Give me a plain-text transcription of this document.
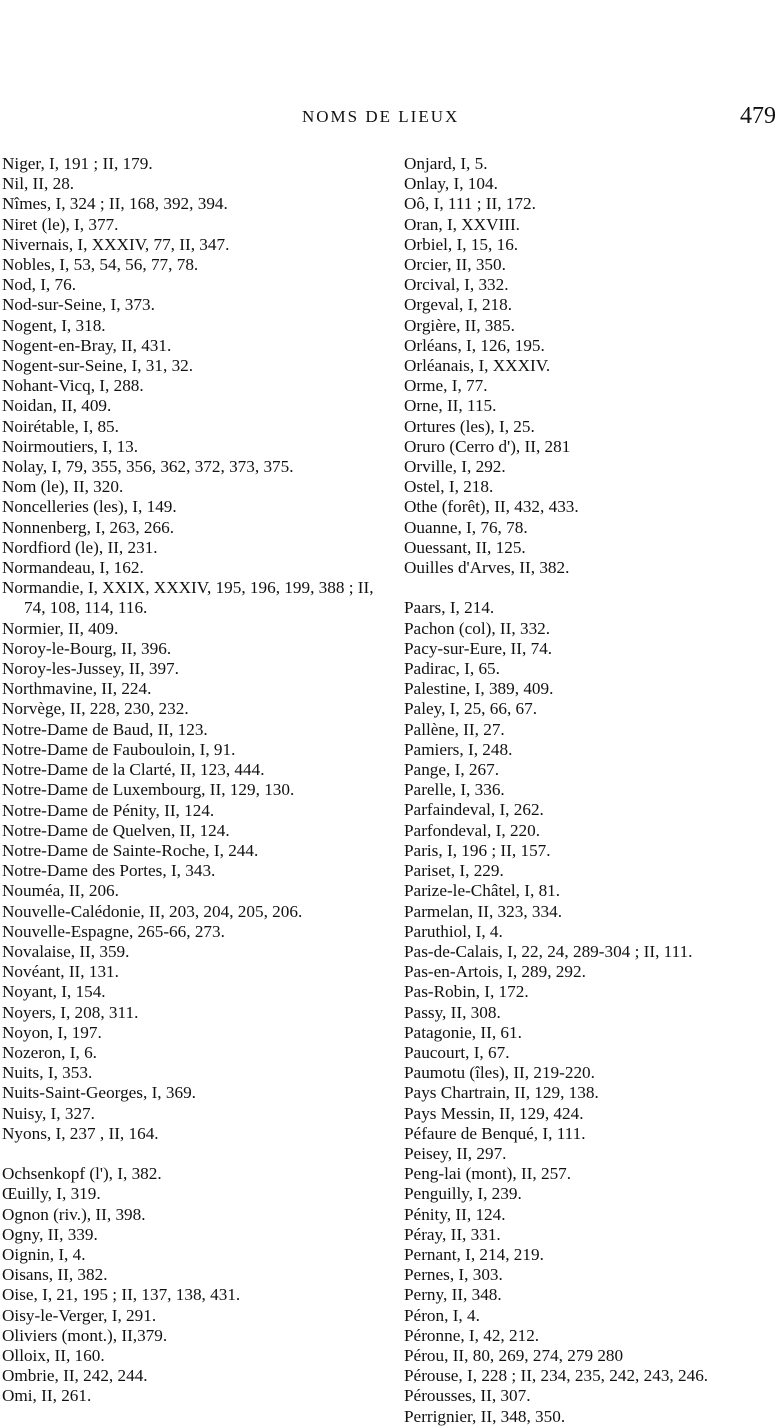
NOMS DE LIEUX	479
Niger, I, 191 ; II, 179.
Nil, II, 28.
Nîmes, I, 324 ; II, 168, 392, 394.
Niret (le), I, 377.
Nivernais, I, XXXIV, 77, II, 347.
Nobles, I, 53, 54, 56, 77, 78.
Nod, I, 76.
Nod-sur-Seine, I, 373.
Nogent, I, 318.
Nogent-en-Bray, II, 431.
Nogent-sur-Seine, I, 31, 32.
Nohant-Vicq, I, 288.
Noidan, II, 409.
Noirétable, I, 85.
Noirmoutiers, I, 13.
Nolay, I, 79, 355, 356, 362, 372, 373, 375.
Nom (le), II, 320.
Noncelleries (les), I, 149.
Nonnenberg, I, 263, 266.
Nordfiord (le), II, 231.
Normandeau, I, 162.
Normandie, I, XXIX, XXXIV, 195, 196, 199, 388 ; II, 74, 108, 114, 116.
Normier, II, 409.
Noroy-le-Bourg, II, 396.
Noroy-les-Jussey, II, 397.
Northmavine, II, 224.
Norvège, II, 228, 230, 232.
Notre-Dame de Baud, II, 123.
Notre-Dame de Faubouloin, I, 91.
Notre-Dame de la Clarté, II, 123, 444.
Notre-Dame de Luxembourg, II, 129, 130.
Notre-Dame de Pénity, II, 124.
Notre-Dame de Quelven, II, 124.
Notre-Dame de Sainte-Roche, I, 244.
Notre-Dame des Portes, I, 343.
Nouméa, II, 206.
Nouvelle-Calédonie, II, 203, 204, 205, 206.
Nouvelle-Espagne, 265-66, 273.
Novalaise, II, 359.
Novéant, II, 131.
Noyant, I, 154.
Noyers, I, 208, 311.
Noyon, I, 197.
Nozeron, I, 6.
Nuits, I, 353.
Nuits-Saint-Georges, I, 369.
Nuisy, I, 327.
Nyons, I, 237 , II, 164.
Ochsenkopf (l'), I, 382.
Œuilly, I, 319.
Ognon (riv.), II, 398.
Ogny, II, 339.
Oignin, I, 4.
Oisans, II, 382.
Oise, I, 21, 195 ; II, 137, 138, 431.
Oisy-le-Verger, I, 291.
Oliviers (mont.), II,379.
Olloix, II, 160.
Ombrie, II, 242, 244.
Omi, II, 261.
Onjard, I, 5.
Onlay, I, 104.
Oô, I, 111 ; II, 172.
Oran, I, XXVIII.
Orbiel, I, 15, 16.
Orcier, II, 350.
Orcival, I, 332.
Orgeval, I, 218.
Orgière, II, 385.
Orléans, I, 126, 195.
Orléanais, I, XXXIV.
Orme, I, 77.
Orne, II, 115.
Ortures (les), I, 25.
Oruro (Cerro d'), II, 281
Orville, I, 292.
Ostel, I, 218.
Othe (forêt), II, 432, 433.
Ouanne, I, 76, 78.
Ouessant, II, 125.
Ouilles d'Arves, II, 382.
Paars, I, 214.
Pachon (col), II, 332.
Pacy-sur-Eure, II, 74.
Padirac, I, 65.
Palestine, I, 389, 409.
Paley, I, 25, 66, 67.
Pallène, II, 27.
Pamiers, I, 248.
Pange, I, 267.
Parelle, I, 336.
Parfaindeval, I, 262.
Parfondeval, I, 220.
Paris, I, 196 ; II, 157.
Pariset, I, 229.
Parize-le-Châtel, I, 81.
Parmelan, II, 323, 334.
Paruthiol, I, 4.
Pas-de-Calais, I, 22, 24, 289-304 ; II, 111.
Pas-en-Artois, I, 289, 292.
Pas-Robin, I, 172.
Passy, II, 308.
Patagonie, II, 61.
Paucourt, I, 67.
Paumotu (îles), II, 219-220.
Pays Chartrain, II, 129, 138.
Pays Messin, II, 129, 424.
Péfaure de Benqué, I, 111.
Peisey, II, 297.
Peng-lai (mont), II, 257.
Penguilly, I, 239.
Pénity, II, 124.
Péray, II, 331.
Pernant, I, 214, 219.
Pernes, I, 303.
Perny, II, 348.
Péron, I, 4.
Péronne, I, 42, 212.
Pérou, II, 80, 269, 274, 279 280
Pérouse, I, 228 ; II, 234, 235, 242, 243, 246.
Pérousses, II, 307.
Perrignier, II, 348, 350.
